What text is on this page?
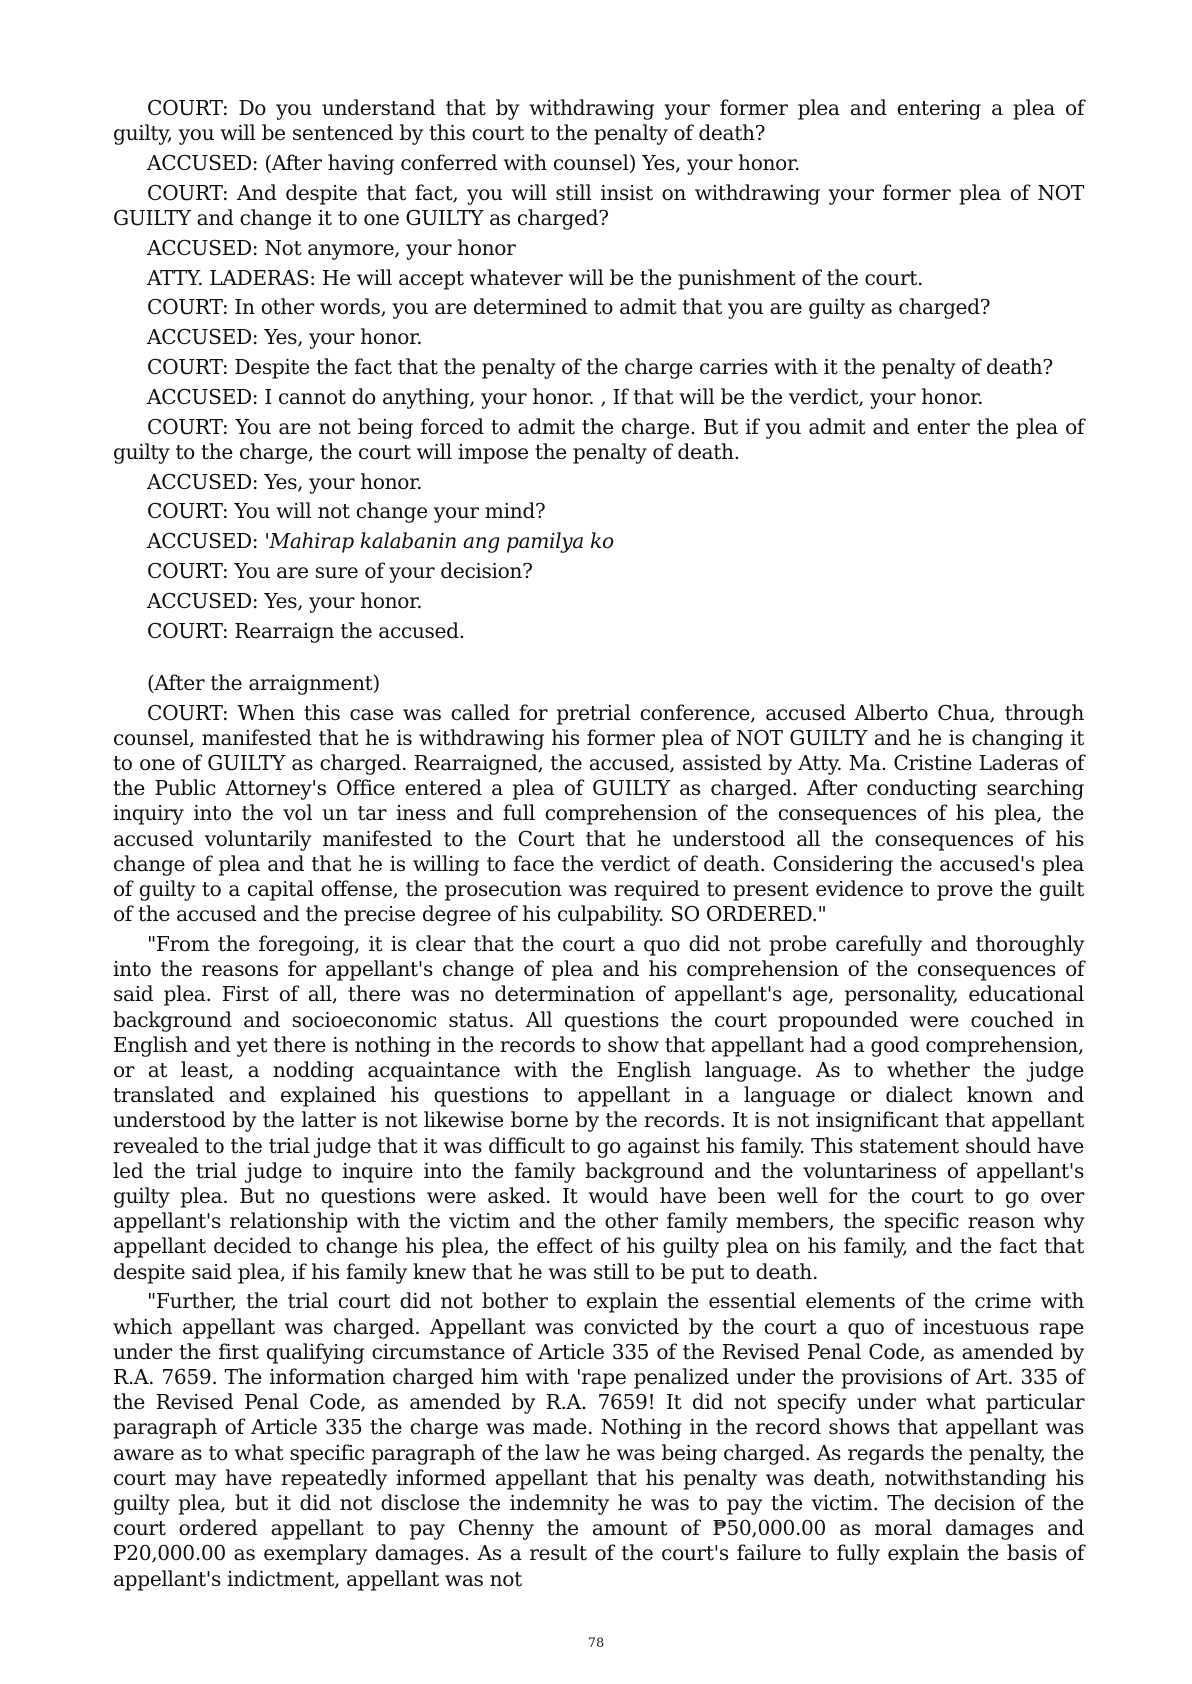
COURT: Do you understand that by withdrawing your former plea and entering a plea of guilty, you will be sentenced by this court to the penalty of death?

ACCUSED: (After having conferred with counsel) Yes, your honor.

COURT: And despite that fact, you will still insist on withdrawing your former plea of NOT GUILTY and change it to one GUILTY as charged?

ACCUSED: Not anymore, your honor

ATTY. LADERAS: He will accept whatever will be the punishment of the court.

COURT: In other words, you are determined to admit that you are guilty as charged?

ACCUSED: Yes, your honor.

COURT: Despite the fact that the penalty of the charge carries with it the penalty of death?

ACCUSED: I cannot do anything, your honor. , If that will be the verdict, your honor.

COURT: You are not being forced to admit the charge. But if you admit and enter the plea of guilty to the charge, the court will impose the penalty of death.

ACCUSED: Yes, your honor.

COURT: You will not change your mind?

ACCUSED: 'Mahirap kalabanin ang pamilya ko

COURT: You are sure of your decision?

ACCUSED: Yes, your honor.

COURT: Rearraign the accused.

(After the arraignment)

COURT: When this case was called for pretrial conference, accused Alberto Chua, through counsel, manifested that he is withdrawing his former plea of NOT GUILTY and he is changing it to one of GUILTY as charged. Rearraigned, the accused, assisted by Atty. Ma. Cristine Laderas of the Public Attorney's Office entered a plea of GUILTY as charged. After conducting searching inquiry into the vol un tar iness and full comprehension of the consequences of his plea, the accused voluntarily manifested to the Court that he understood all the consequences of his change of plea and that he is willing to face the verdict of death. Considering the accused's plea of guilty to a capital offense, the prosecution was required to present evidence to prove the guilt of the accused and the precise degree of his culpability. SO ORDERED."

"From the foregoing, it is clear that the court a quo did not probe carefully and thoroughly into the reasons for appellant's change of plea and his comprehension of the consequences of said plea. First of all, there was no determination of appellant's age, personality, educational background and socioeconomic status. All questions the court propounded were couched in English and yet there is nothing in the records to show that appellant had a good comprehension, or at least, a nodding acquaintance with the English language. As to whether the judge translated and explained his questions to appellant in a language or dialect known and understood by the latter is not likewise borne by the records. It is not insignificant that appellant revealed to the trial judge that it was difficult to go against his family. This statement should have led the trial judge to inquire into the family background and the voluntariness of appellant's guilty plea. But no questions were asked. It would have been well for the court to go over appellant's relationship with the victim and the other family members, the specific reason why appellant decided to change his plea, the effect of his guilty plea on his family, and the fact that despite said plea, if his family knew that he was still to be put to death.

"Further, the trial court did not bother to explain the essential elements of the crime with which appellant was charged. Appellant was convicted by the court a quo of incestuous rape under the first qualifying circumstance of Article 335 of the Revised Penal Code, as amended by R.A. 7659. The information charged him with 'rape penalized under the provisions of Art. 335 of the Revised Penal Code, as amended by R.A. 7659! It did not specify under what particular paragraph of Article 335 the charge was made. Nothing in the record shows that appellant was aware as to what specific paragraph of the law he was being charged. As regards the penalty, the court may have repeatedly informed appellant that his penalty was death, notwithstanding his guilty plea, but it did not disclose the indemnity he was to pay the victim. The decision of the court ordered appellant to pay Chenny the amount of ₱50,000.00 as moral damages and P20,000.00 as exemplary damages. As a result of the court's failure to fully explain the basis of appellant's indictment, appellant was not

78
